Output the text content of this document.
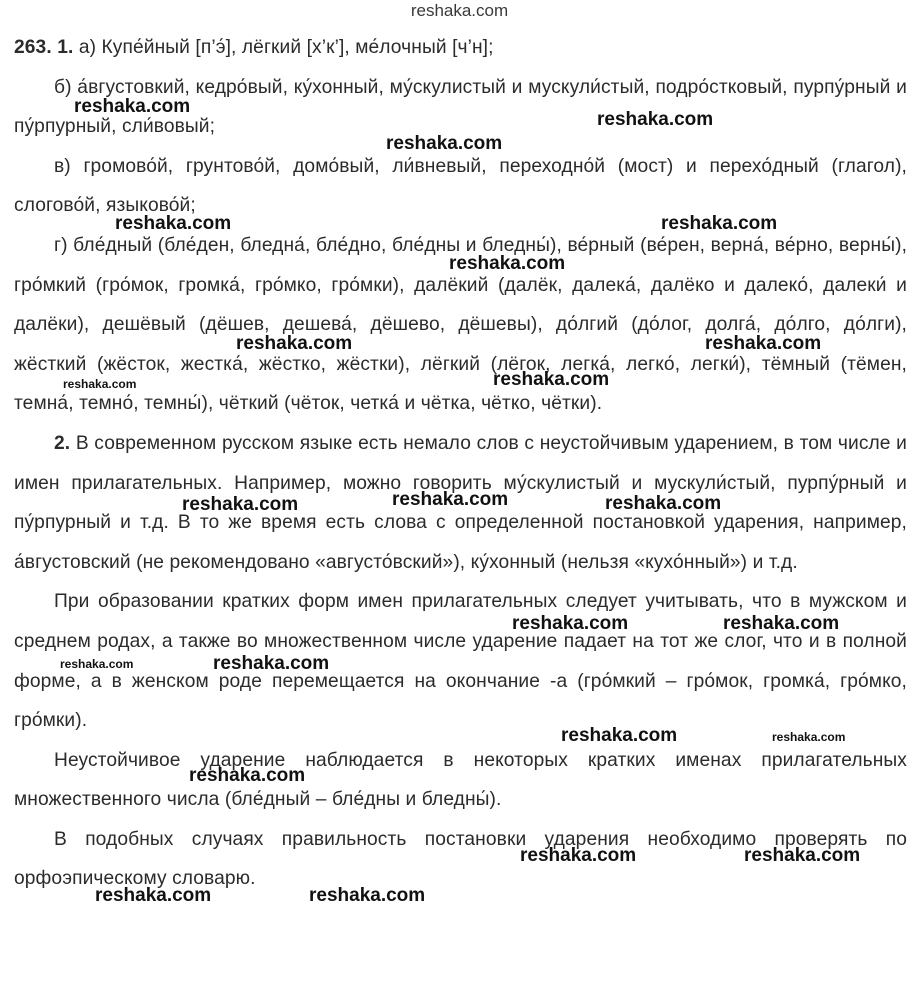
reshaka.com

263. 1. а) Купе́йный [п’э́], лёгкий [х’к’], ме́лочный [ч’н];

б) а́вгустовкий, кедро́вый, ку́хонный, му́скулистый и мускули́стый, подро́стковый, пурпу́рный и пу́рпурный, сли́вовый;

в) громово́й, грунтово́й, домо́вый, ли́вневый, переходно́й (мост) и перехо́дный (глагол), слогово́й, языково́й;

г) бле́дный (бле́ден, бледна́, бле́дно, бле́дны и бледны́), ве́рный (ве́рен, верна́, ве́рно, верны́), гро́мкий (гро́мок, громка́, гро́мко, гро́мки), далёкий (далёк, далека́, далёко и далеко́, далеки́ и далёки), дешёвый (дёшев, дешева́, дёшево, дёшевы), до́лгий (до́лог, долга́, до́лго, до́лги), жёсткий (жёсток, жестка́, жёстко, жёстки), лёгкий (лёгок, легка́, легко́, легки́), тёмный (тёмен, темна́, темно́, темны́), чёткий (чёток, четка́ и чётка, чётко, чётки).

2. В современном русском языке есть немало слов с неустойчивым ударением, в том числе и имен прилагательных. Например, можно говорить му́скулистый и мускули́стый, пурпу́рный и пу́рпурный и т.д. В то же время есть слова с определенной постановкой ударения, например, а́вгустовский (не рекомендовано «августо́вский»), ку́хонный (нельзя «кухо́нный») и т.д.

При образовании кратких форм имен прилагательных следует учитывать, что в мужском и среднем родах, а также во множественном числе ударение падает на тот же слог, что и в полной форме, а в женском роде перемещается на окончание -а (гро́мкий – гро́мок, громка́, гро́мко, гро́мки).

Неустойчивое ударение наблюдается в некоторых кратких именах прилагательных множественного числа (бле́дный – бле́дны и бледны́).

В подобных случаях правильность постановки ударения необходимо проверять по орфоэпическому словарю.

reshaka.com
reshaka.com
reshaka.com
reshaka.com	reshaka.com
reshaka.com
reshaka.com	reshaka.com
reshaka.com	reshaka.com
reshaka.com
reshaka.com	reshaka.com
reshaka.com	reshaka.com
reshaka.com	reshaka.com
reshaka.com	reshaka.com
reshaka.com
reshaka.com	reshaka.com
reshaka.com	reshaka.com
